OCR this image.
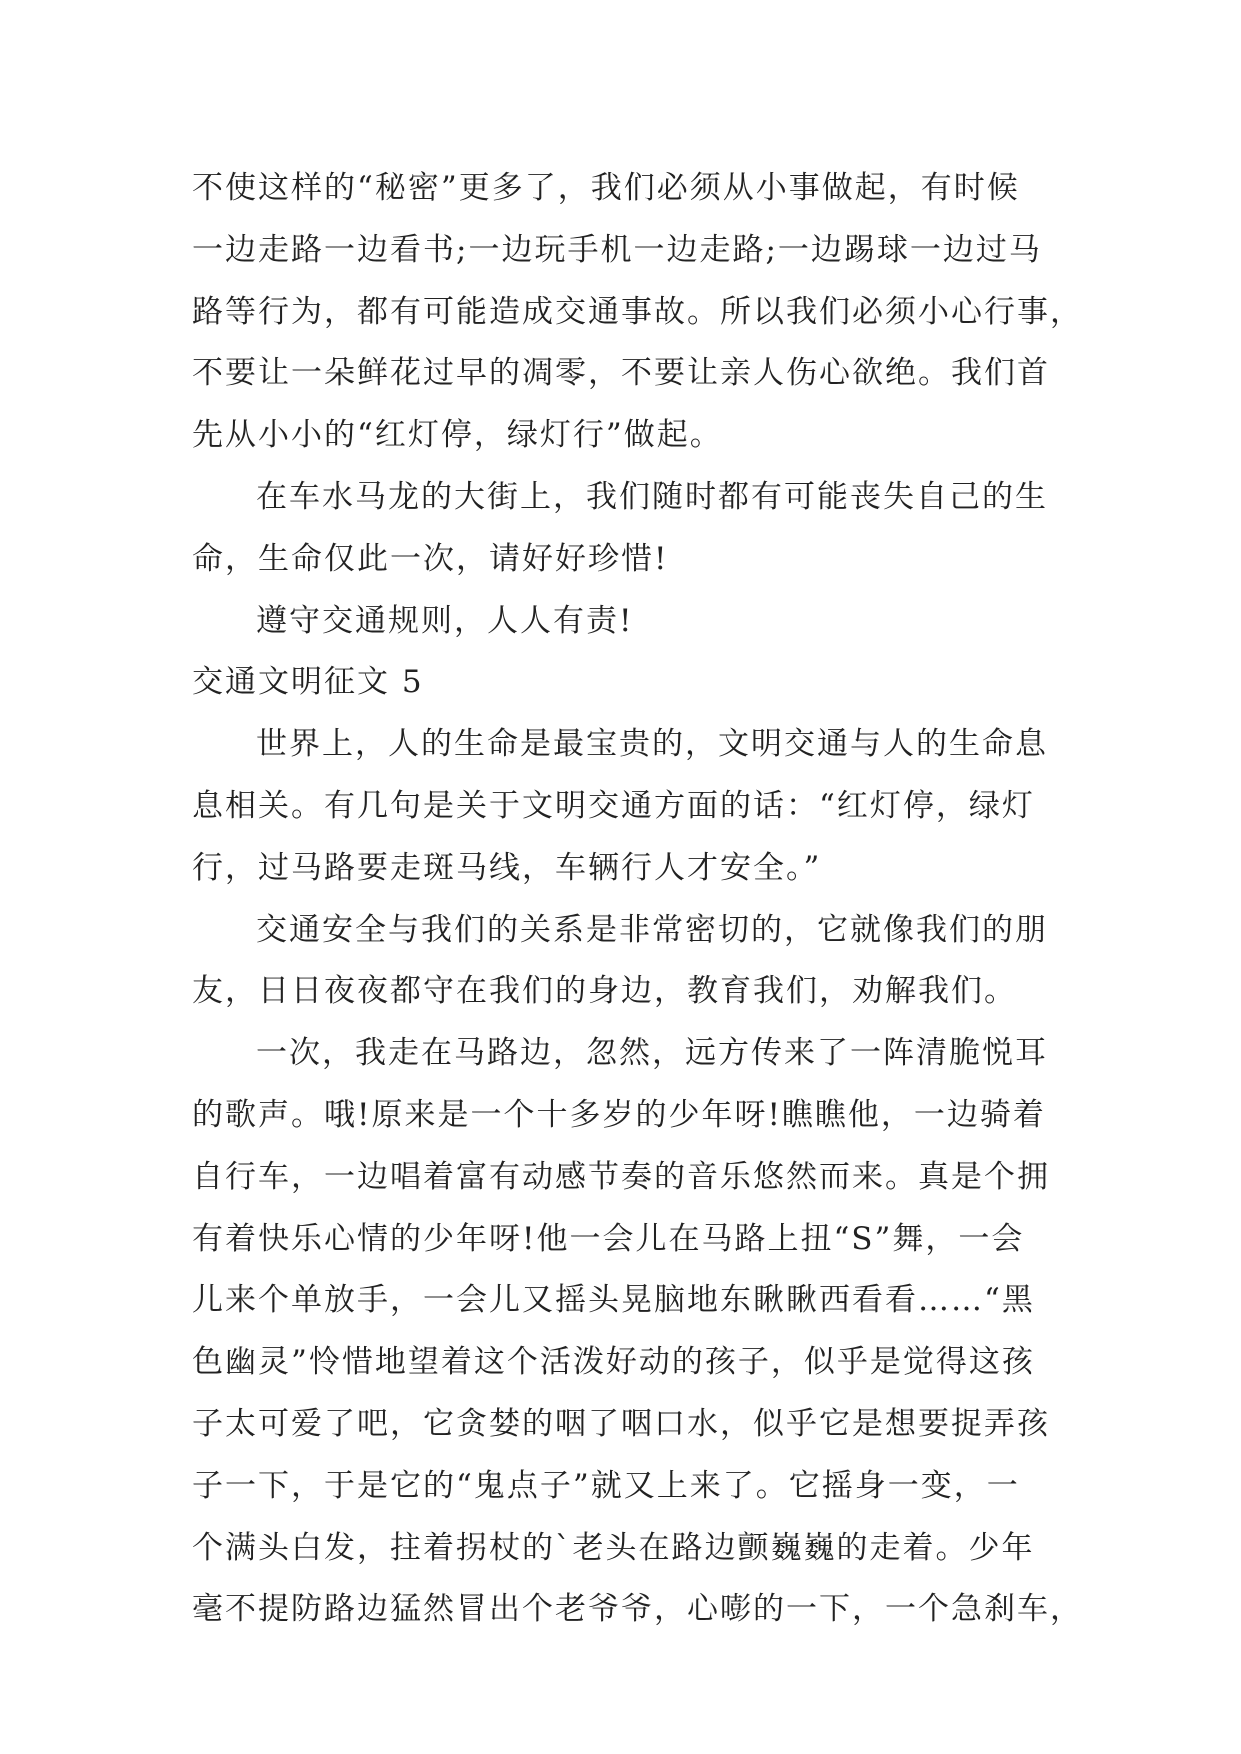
不使这样的“秘密”更多了，我们必须从小事做起，有时候
一边走路一边看书;一边玩手机一边走路;一边踢球一边过马
路等行为，都有可能造成交通事故。所以我们必须小心行事，
不要让一朵鲜花过早的凋零，不要让亲人伤心欲绝。我们首
先从小小的“红灯停，绿灯行”做起。
在车水马龙的大街上，我们随时都有可能丧失自己的生
命，生命仅此一次，请好好珍惜!
遵守交通规则，人人有责!
交通文明征文 5
世界上，人的生命是最宝贵的，文明交通与人的生命息
息相关。有几句是关于文明交通方面的话：“红灯停，绿灯
行，过马路要走斑马线，车辆行人才安全。”
交通安全与我们的关系是非常密切的，它就像我们的朋
友，日日夜夜都守在我们的身边，教育我们，劝解我们。
一次，我走在马路边，忽然，远方传来了一阵清脆悦耳
的歌声。哦!原来是一个十多岁的少年呀!瞧瞧他，一边骑着
自行车，一边唱着富有动感节奏的音乐悠然而来。真是个拥
有着快乐心情的少年呀!他一会儿在马路上扭“S”舞，一会
儿来个单放手，一会儿又摇头晃脑地东瞅瞅西看看……“黑
色幽灵”怜惜地望着这个活泼好动的孩子，似乎是觉得这孩
子太可爱了吧，它贪婪的咽了咽口水，似乎它是想要捉弄孩
子一下，于是它的“鬼点子”就又上来了。它摇身一变，一
个满头白发，拄着拐杖的`老头在路边颤巍巍的走着。少年
毫不提防路边猛然冒出个老爷爷，心嘭的一下，一个急刹车，
